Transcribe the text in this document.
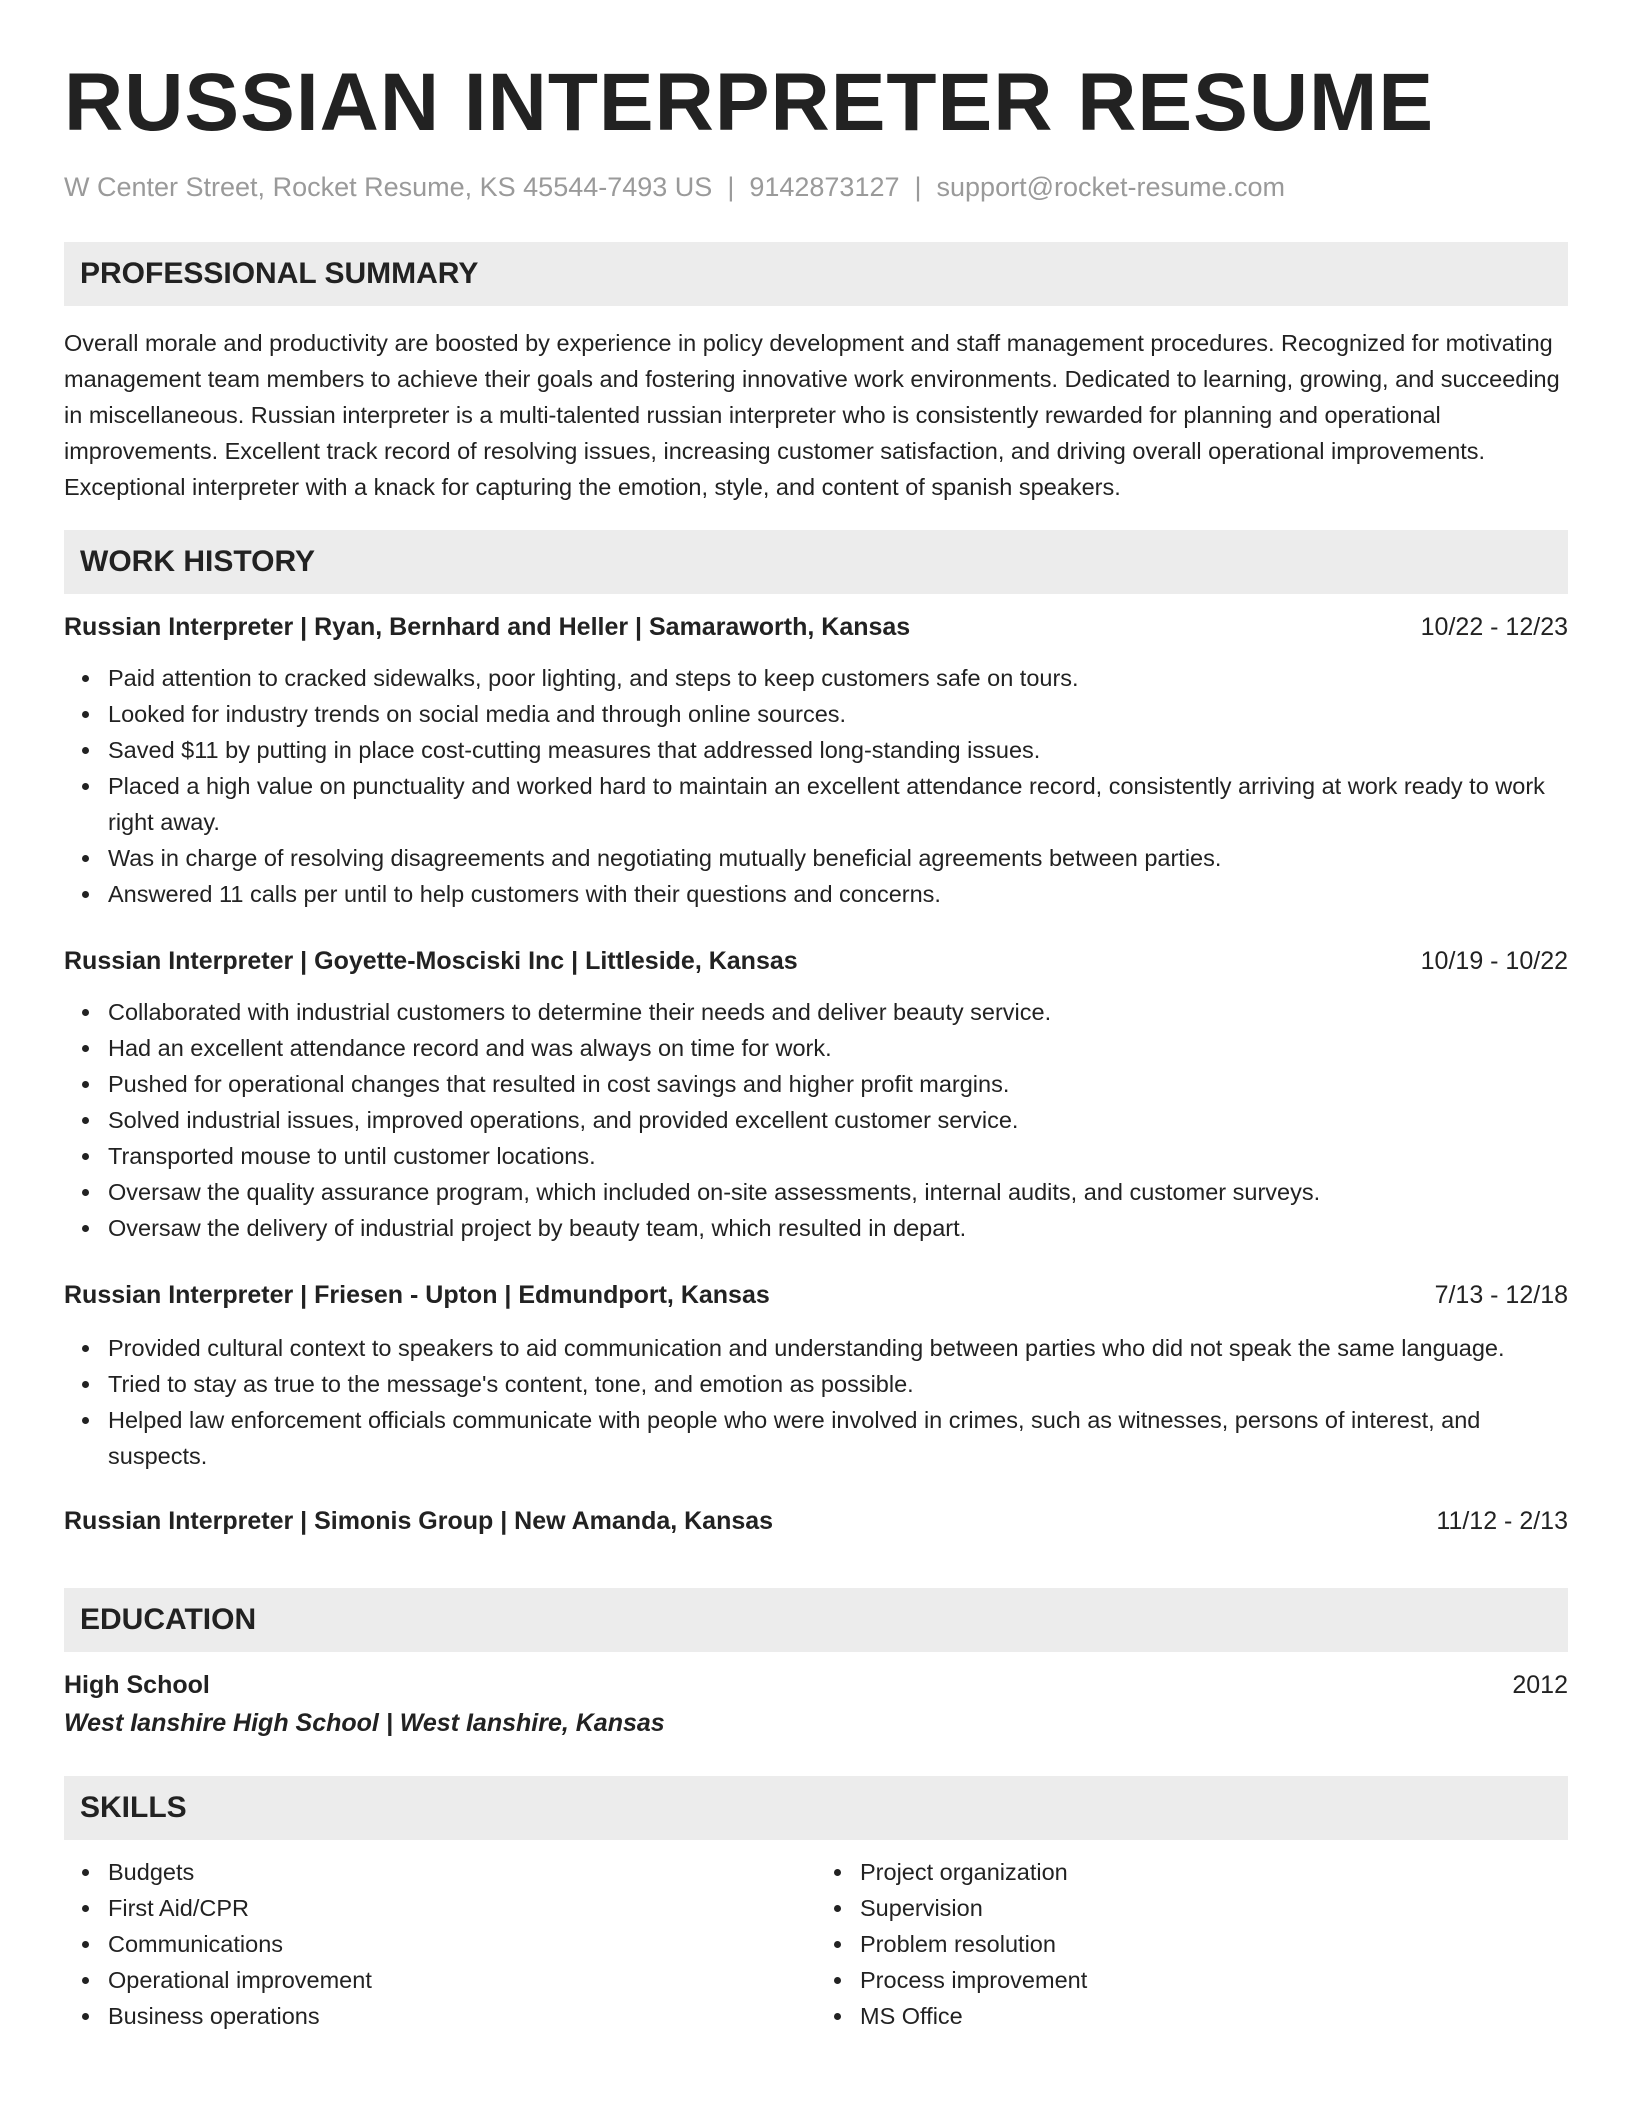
RUSSIAN INTERPRETER RESUME
W Center Street, Rocket Resume, KS 45544-7493 US | 9142873127 | support@rocket-resume.com
PROFESSIONAL SUMMARY

Overall morale and productivity are boosted by experience in policy development and staff management procedures. Recognized for motivating management team members to achieve their goals and fostering innovative work environments. Dedicated to learning, growing, and succeeding in miscellaneous. Russian interpreter is a multi-talented russian interpreter who is consistently rewarded for planning and operational improvements. Excellent track record of resolving issues, increasing customer satisfaction, and driving overall operational improvements. Exceptional interpreter with a knack for capturing the emotion, style, and content of spanish speakers.

WORK HISTORY
Russian Interpreter | Ryan, Bernhard and Heller | Samaraworth, Kansas	10/22 - 12/23
Paid attention to cracked sidewalks, poor lighting, and steps to keep customers safe on tours.
Looked for industry trends on social media and through online sources.
Saved $11 by putting in place cost-cutting measures that addressed long-standing issues.
Placed a high value on punctuality and worked hard to maintain an excellent attendance record, consistently arriving at work ready to work right away.
Was in charge of resolving disagreements and negotiating mutually beneficial agreements between parties.
Answered 11 calls per until to help customers with their questions and concerns.
Russian Interpreter | Goyette-Mosciski Inc | Littleside, Kansas	10/19 - 10/22
Collaborated with industrial customers to determine their needs and deliver beauty service.
Had an excellent attendance record and was always on time for work.
Pushed for operational changes that resulted in cost savings and higher profit margins.
Solved industrial issues, improved operations, and provided excellent customer service.
Transported mouse to until customer locations.
Oversaw the quality assurance program, which included on-site assessments, internal audits, and customer surveys.
Oversaw the delivery of industrial project by beauty team, which resulted in depart.
Russian Interpreter | Friesen - Upton | Edmundport, Kansas	7/13 - 12/18
Provided cultural context to speakers to aid communication and understanding between parties who did not speak the same language.
Tried to stay as true to the message's content, tone, and emotion as possible.
Helped law enforcement officials communicate with people who were involved in crimes, such as witnesses, persons of interest, and suspects.
Russian Interpreter | Simonis Group | New Amanda, Kansas	11/12 - 2/13
EDUCATION
High School	2012
West Ianshire High School | West Ianshire, Kansas
SKILLS
Budgets
First Aid/CPR
Communications
Operational improvement
Business operations
Project organization
Supervision
Problem resolution
Process improvement
MS Office
